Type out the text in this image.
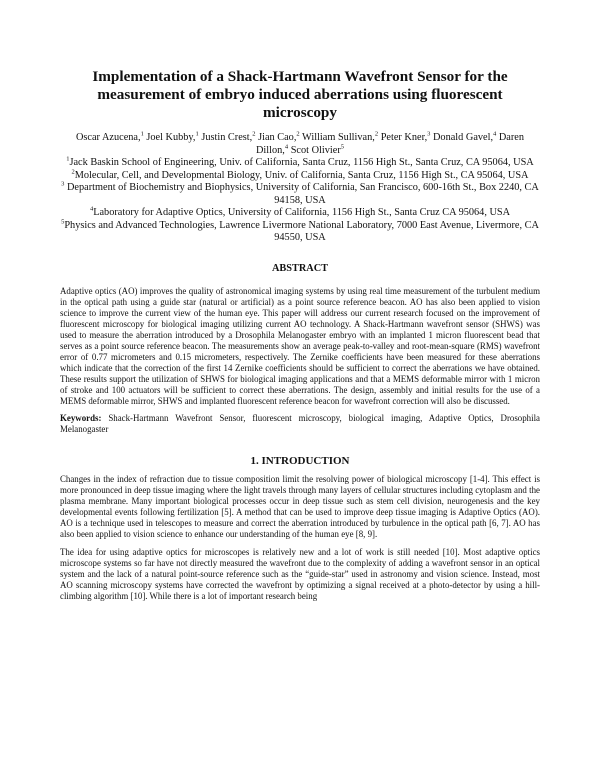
Implementation of a Shack-Hartmann Wavefront Sensor for the measurement of embryo induced aberrations using fluorescent microscopy
Oscar Azucena,$^1$ Joel Kubby,$^1$ Justin Crest,$^2$ Jian Cao,$^2$ William Sullivan,$^2$ Peter Kner,$^3$ Donald Gavel,$^4$ Daren Dillon,$^4$ Scot Olivier$^5$
$^1$Jack Baskin School of Engineering, Univ. of California, Santa Cruz, 1156 High St., Santa Cruz, CA 95064, USA
$^2$Molecular, Cell, and Developmental Biology, Univ. of California, Santa Cruz, 1156 High St., CA 95064, USA
$^3$ Department of Biochemistry and Biophysics, University of California, San Francisco, 600-16th St., Box 2240, CA 94158, USA
$^4$Laboratory for Adaptive Optics, University of California, 1156 High St., Santa Cruz CA 95064, USA
$^5$Physics and Advanced Technologies, Lawrence Livermore National Laboratory, 7000 East Avenue, Livermore, CA 94550, USA
ABSTRACT
Adaptive optics (AO) improves the quality of astronomical imaging systems by using real time measurement of the turbulent medium in the optical path using a guide star (natural or artificial) as a point source reference beacon. AO has also been applied to vision science to improve the current view of the human eye. This paper will address our current research focused on the improvement of fluorescent microscopy for biological imaging utilizing current AO technology. A Shack-Hartmann wavefront sensor (SHWS) was used to measure the aberration introduced by a Drosophila Melanogaster embryo with an implanted 1 micron fluorescent bead that serves as a point source reference beacon. The measurements show an average peak-to-valley and root-mean-square (RMS) wavefront error of 0.77 micrometers and 0.15 micrometers, respectively. The Zernike coefficients have been measured for these aberrations which indicate that the correction of the first 14 Zernike coefficients should be sufficient to correct the aberrations we have obtained. These results support the utilization of SHWS for biological imaging applications and that a MEMS deformable mirror with 1 micron of stroke and 100 actuators will be sufficient to correct these aberrations. The design, assembly and initial results for the use of a MEMS deformable mirror, SHWS and implanted fluorescent reference beacon for wavefront correction will also be discussed.
Keywords: Shack-Hartmann Wavefront Sensor, fluorescent microscopy, biological imaging, Adaptive Optics, Drosophila Melanogaster
1. INTRODUCTION
Changes in the index of refraction due to tissue composition limit the resolving power of biological microscopy [1-4]. This effect is more pronounced in deep tissue imaging where the light travels through many layers of cellular structures including cytoplasm and the plasma membrane. Many important biological processes occur in deep tissue such as stem cell division, neurogenesis and the key developmental events following fertilization [5]. A method that can be used to improve deep tissue imaging is Adaptive Optics (AO). AO is a technique used in telescopes to measure and correct the aberration introduced by turbulence in the optical path [6, 7]. AO has also been applied to vision science to enhance our understanding of the human eye [8, 9].
The idea for using adaptive optics for microscopes is relatively new and a lot of work is still needed [10]. Most adaptive optics microscope systems so far have not directly measured the wavefront due to the complexity of adding a wavefront sensor in an optical system and the lack of a natural point-source reference such as the “guide-star” used in astronomy and vision science. Instead, most AO scanning microscopy systems have corrected the wavefront by optimizing a signal received at a photo-detector by using a hill-climbing algorithm [10]. While there is a lot of important research being
